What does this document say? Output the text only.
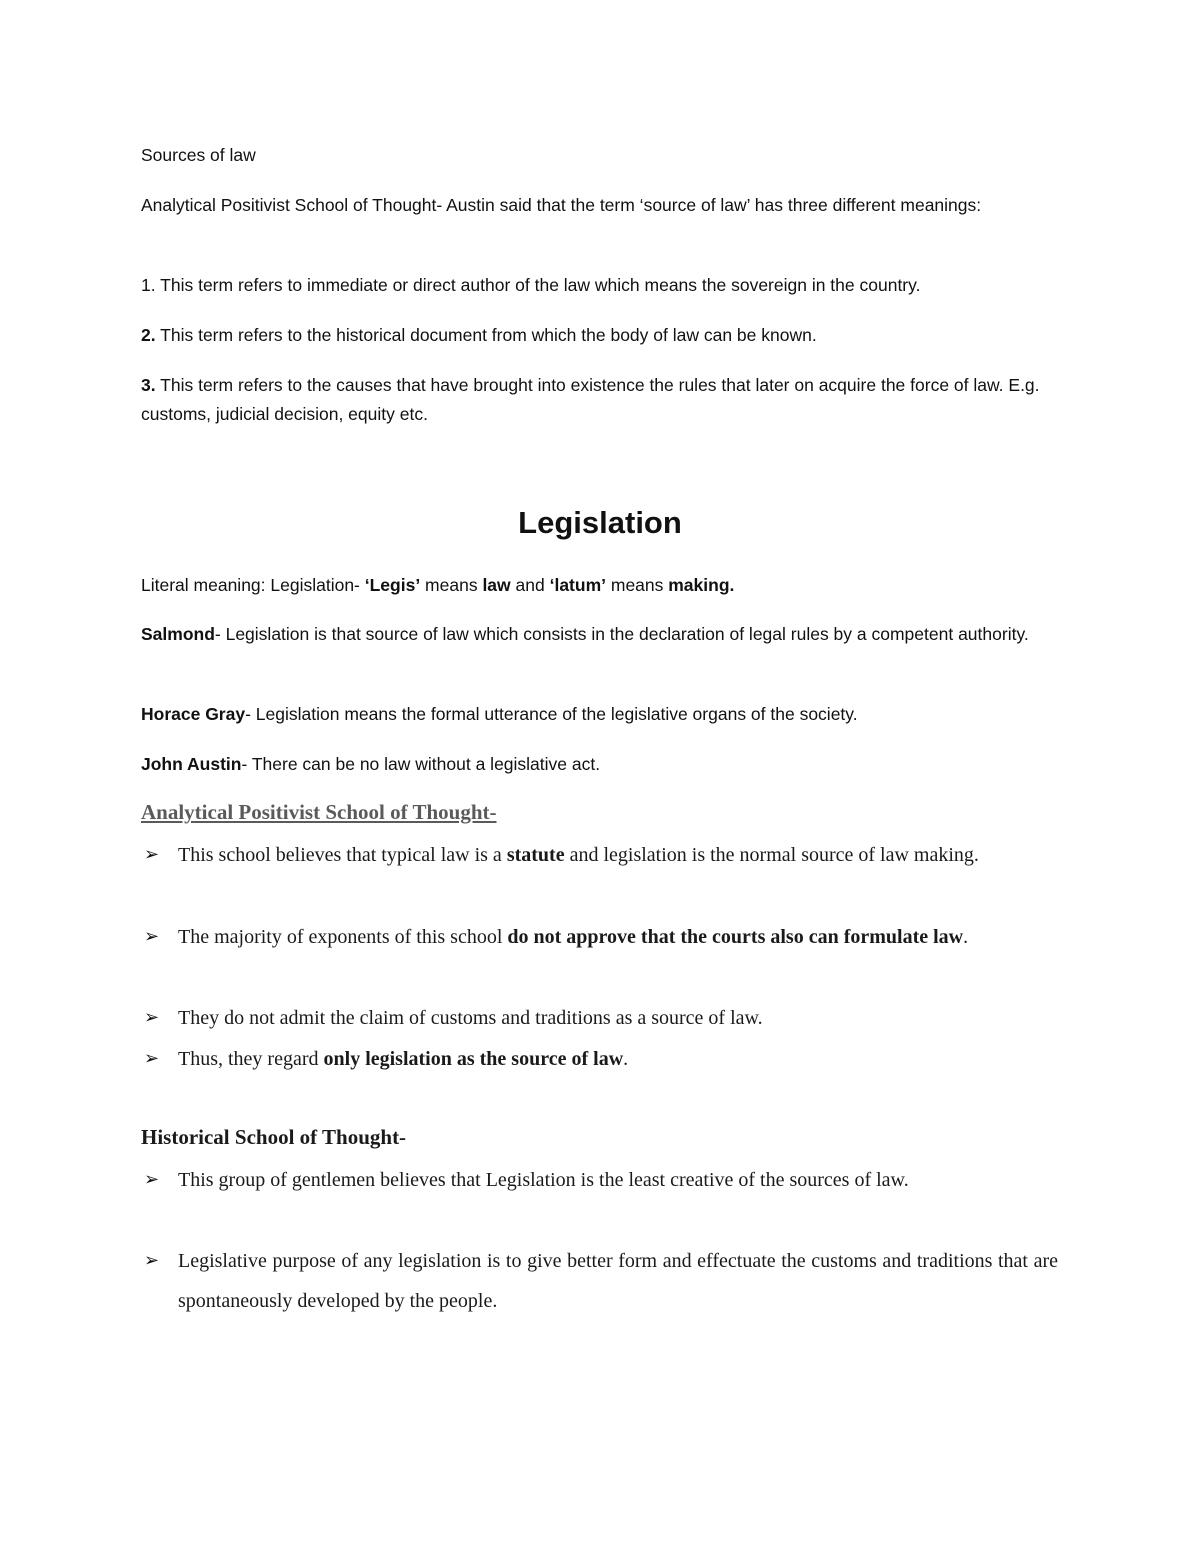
Sources of law

Analytical Positivist School of Thought- Austin said that the term ‘source of law’ has three different meanings:

1. This term refers to immediate or direct author of the law which means the sovereign in the country.

2. This term refers to the historical document from which the body of law can be known.

3. This term refers to the causes that have brought into existence the rules that later on acquire the force of law. E.g. customs, judicial decision, equity etc.

Legislation

Literal meaning: Legislation- ‘Legis’ means law and ‘latum’ means making.

Salmond- Legislation is that source of law which consists in the declaration of legal rules by a competent authority.

Horace Gray- Legislation means the formal utterance of the legislative organs of the society.

John Austin- There can be no law without a legislative act.

Analytical Positivist School of Thought-
➢ This school believes that typical law is a statute and legislation is the normal source of law making.
➢ The majority of exponents of this school do not approve that the courts also can formulate law.
➢ They do not admit the claim of customs and traditions as a source of law.
➢ Thus, they regard only legislation as the source of law.
Historical School of Thought-
➢ This group of gentlemen believes that Legislation is the least creative of the sources of law.
➢ Legislative purpose of any legislation is to give better form and effectuate the customs and traditions that are spontaneously developed by the people.
